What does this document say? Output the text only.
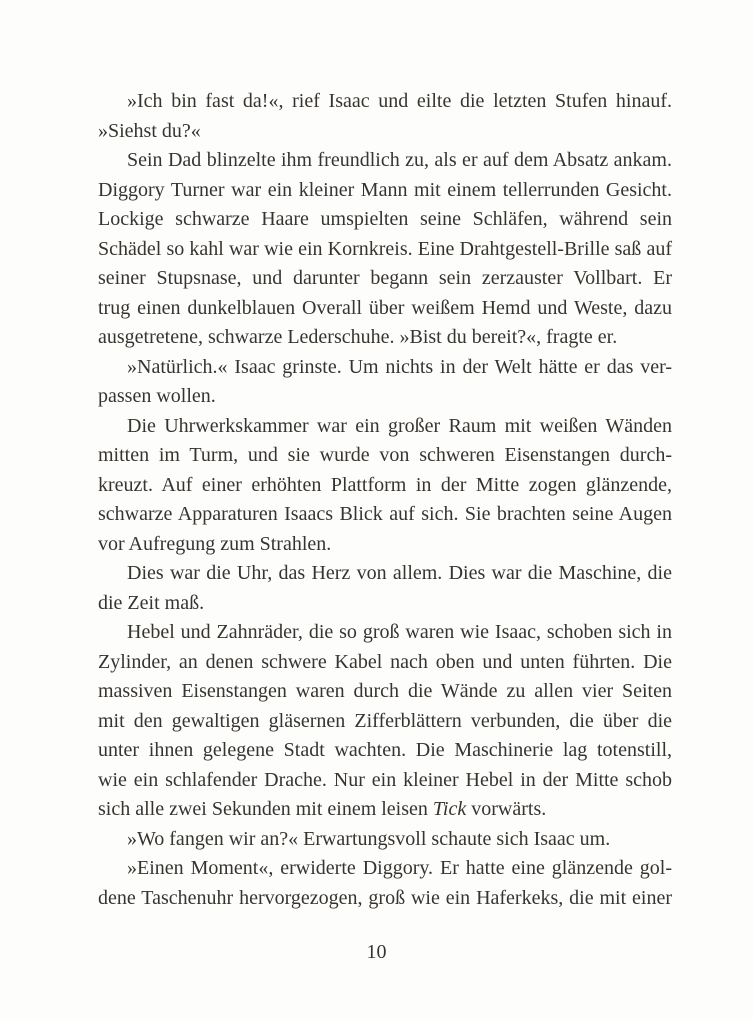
»Ich bin fast da!«, rief Isaac und eilte die letzten Stufen hinauf.
»Siehst du?«
Sein Dad blinzelte ihm freundlich zu, als er auf dem Absatz ankam.
Diggory Turner war ein kleiner Mann mit einem tellerrunden Gesicht.
Lockige schwarze Haare umspielten seine Schläfen, während sein
Schädel so kahl war wie ein Kornkreis. Eine Drahtgestell-Brille saß auf
seiner Stupsnase, und darunter begann sein zerzauster Vollbart. Er
trug einen dunkelblauen Overall über weißem Hemd und Weste, dazu
ausgetretene, schwarze Lederschuhe. »Bist du bereit?«, fragte er.
»Natürlich.« Isaac grinste. Um nichts in der Welt hätte er das ver-
passen wollen.
Die Uhrwerkskammer war ein großer Raum mit weißen Wänden
mitten im Turm, und sie wurde von schweren Eisenstangen durch-
kreuzt. Auf einer erhöhten Plattform in der Mitte zogen glänzende,
schwarze Apparaturen Isaacs Blick auf sich. Sie brachten seine Augen
vor Aufregung zum Strahlen.
Dies war die Uhr, das Herz von allem. Dies war die Maschine, die
die Zeit maß.
Hebel und Zahnräder, die so groß waren wie Isaac, schoben sich in
Zylinder, an denen schwere Kabel nach oben und unten führten. Die
massiven Eisenstangen waren durch die Wände zu allen vier Seiten
mit den gewaltigen gläsernen Zifferblättern verbunden, die über die
unter ihnen gelegene Stadt wachten. Die Maschinerie lag totenstill,
wie ein schlafender Drache. Nur ein kleiner Hebel in der Mitte schob
sich alle zwei Sekunden mit einem leisen Tick vorwärts.
»Wo fangen wir an?« Erwartungsvoll schaute sich Isaac um.
»Einen Moment«, erwiderte Diggory. Er hatte eine glänzende gol-
dene Taschenuhr hervorgezogen, groß wie ein Haferkeks, die mit einer
10
